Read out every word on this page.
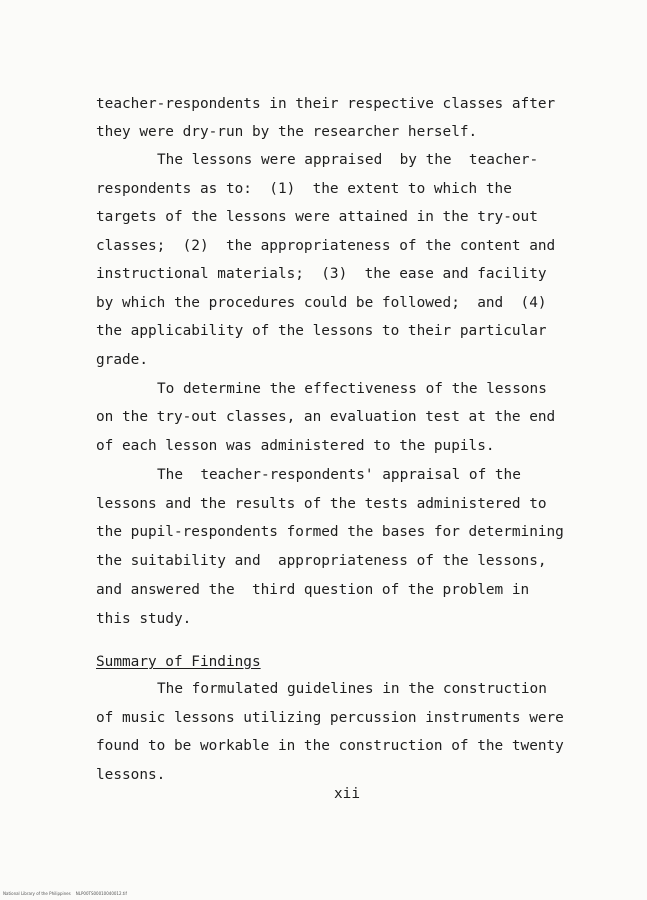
teacher-respondents in their respective classes after
they were dry-run by the researcher herself.
The lessons were appraised  by the  teacher-
respondents as to:  (1)  the extent to which the
targets of the lessons were attained in the try-out
classes;  (2)  the appropriateness of the content and
instructional materials;  (3)  the ease and facility
by which the procedures could be followed;  and  (4)
the applicability of the lessons to their particular
grade.
To determine the effectiveness of the lessons
on the try-out classes, an evaluation test at the end
of each lesson was administered to the pupils.
The  teacher-respondents' appraisal of the
lessons and the results of the tests administered to
the pupil-respondents formed the bases for determining
the suitability and  appropriateness of the lessons,
and answered the  third question of the problem in
this study.
Summary of Findings
The formulated guidelines in the construction
of music lessons utilizing percussion instruments were
found to be workable in the construction of the twenty
lessons.
xii
National Library of the Philippines    NLP00TS00010040012.tif
